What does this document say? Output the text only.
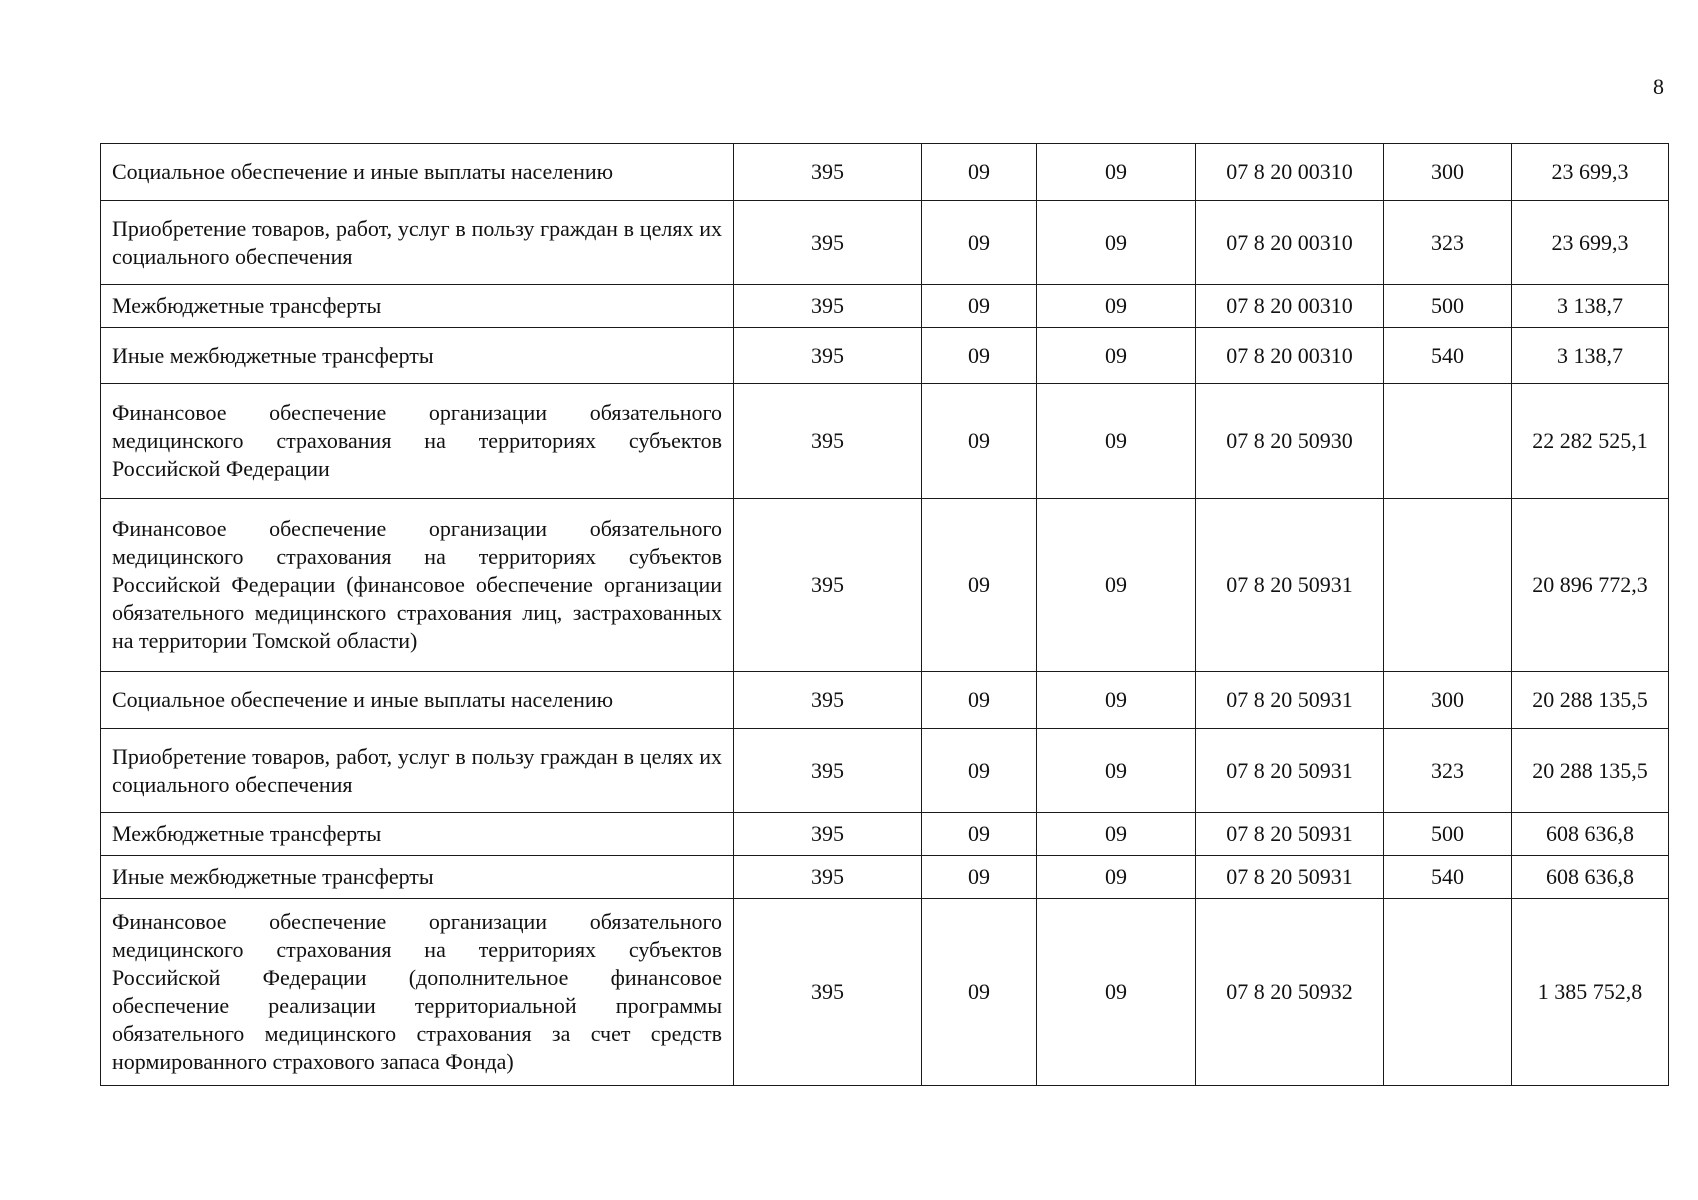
8
Социальное обеспечение и иные выплаты населению	395	09	09	07 8 20 00310	300	23 699,3
Приобретение товаров, работ, услуг в пользу граждан в целях их социального обеспечения	395	09	09	07 8 20 00310	323	23 699,3
Межбюджетные трансферты	395	09	09	07 8 20 00310	500	3 138,7
Иные межбюджетные трансферты	395	09	09	07 8 20 00310	540	3 138,7
Финансовое обеспечение организации обязательного медицинского страхования на территориях субъектов Российской Федерации	395	09	09	07 8 20 50930		22 282 525,1
Финансовое обеспечение организации обязательного медицинского страхования на территориях субъектов Российской Федерации (финансовое обеспечение организации обязательного медицинского страхования лиц, застрахованных на территории Томской области)	395	09	09	07 8 20 50931		20 896 772,3
Социальное обеспечение и иные выплаты населению	395	09	09	07 8 20 50931	300	20 288 135,5
Приобретение товаров, работ, услуг в пользу граждан в целях их социального обеспечения	395	09	09	07 8 20 50931	323	20 288 135,5
Межбюджетные трансферты	395	09	09	07 8 20 50931	500	608 636,8
Иные межбюджетные трансферты	395	09	09	07 8 20 50931	540	608 636,8
Финансовое обеспечение организации обязательного медицинского страхования на территориях субъектов Российской Федерации (дополнительное финансовое обеспечение реализации территориальной программы обязательного медицинского страхования за счет средств нормированного страхового запаса Фонда)	395	09	09	07 8 20 50932		1 385 752,8
